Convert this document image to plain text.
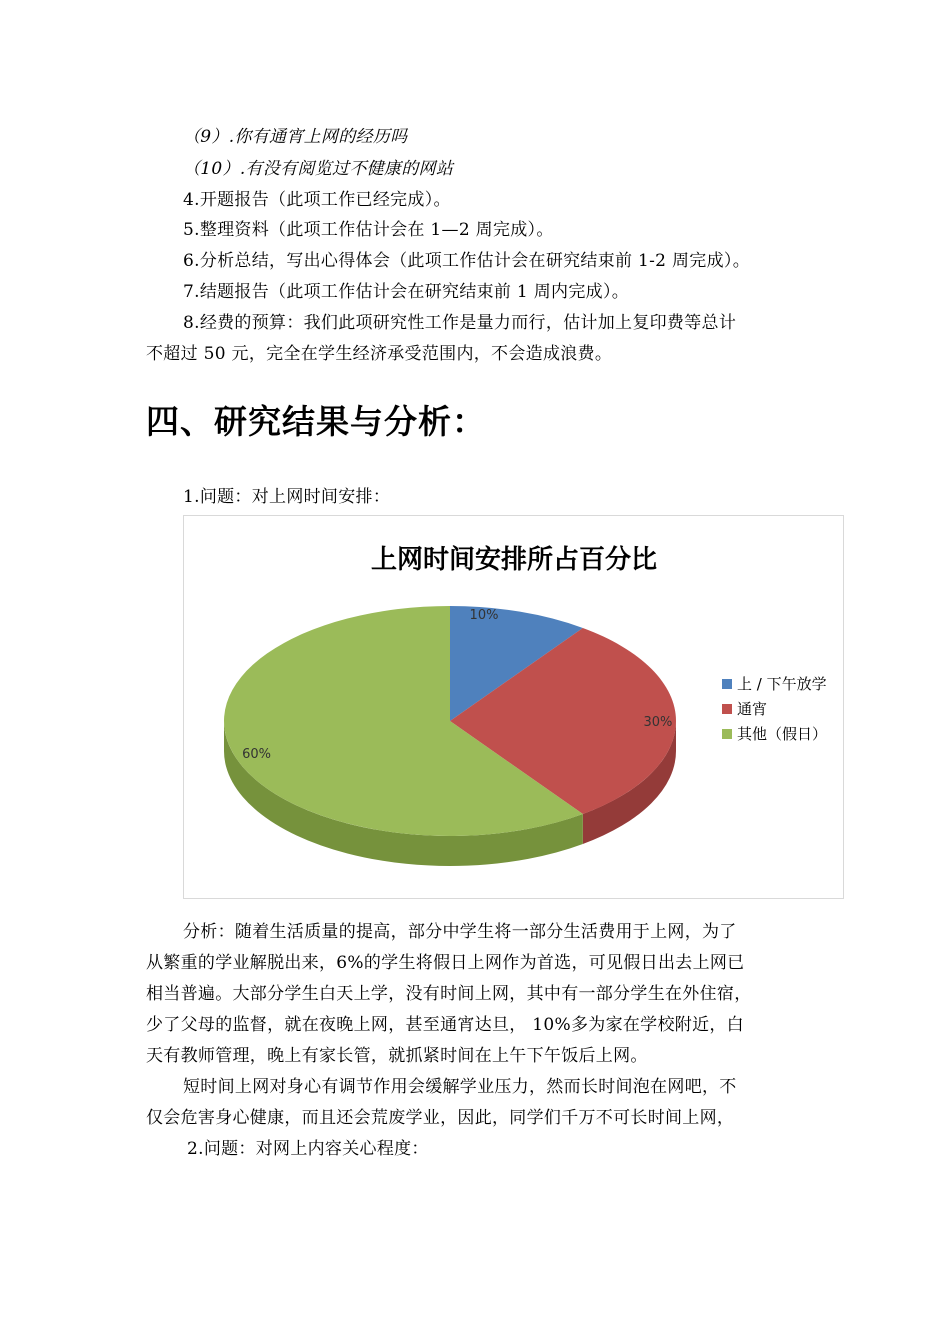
（9）.你有通宵上网的经历吗
（10）.有没有阅览过不健康的网站
4.开题报告（此项工作已经完成）。
5.整理资料（此项工作估计会在 1—2 周完成）。
6.分析总结，写出心得体会（此项工作估计会在研究结束前 1-2 周完成）。
7.结题报告（此项工作估计会在研究结束前 1 周内完成）。
8.经费的预算：我们此项研究性工作是量力而行，估计加上复印费等总计
不超过 50 元，完全在学生经济承受范围内，不会造成浪费。
四、研究结果与分析：
1.问题：对上网时间安排：
上网时间安排所占百分比
10%
30%
60%
上 / 下午放学
通宵
其他（假日）
分析：随着生活质量的提高，部分中学生将一部分生活费用于上网，为了
从繁重的学业解脱出来，6%的学生将假日上网作为首选，可见假日出去上网已
相当普遍。大部分学生白天上学，没有时间上网，其中有一部分学生在外住宿，
少了父母的监督，就在夜晚上网，甚至通宵达旦， 10%多为家在学校附近，白
天有教师管理，晚上有家长管，就抓紧时间在上午下午饭后上网。
短时间上网对身心有调节作用会缓解学业压力，然而长时间泡在网吧，不
仅会危害身心健康，而且还会荒废学业，因此，同学们千万不可长时间上网，
2.问题：对网上内容关心程度：
